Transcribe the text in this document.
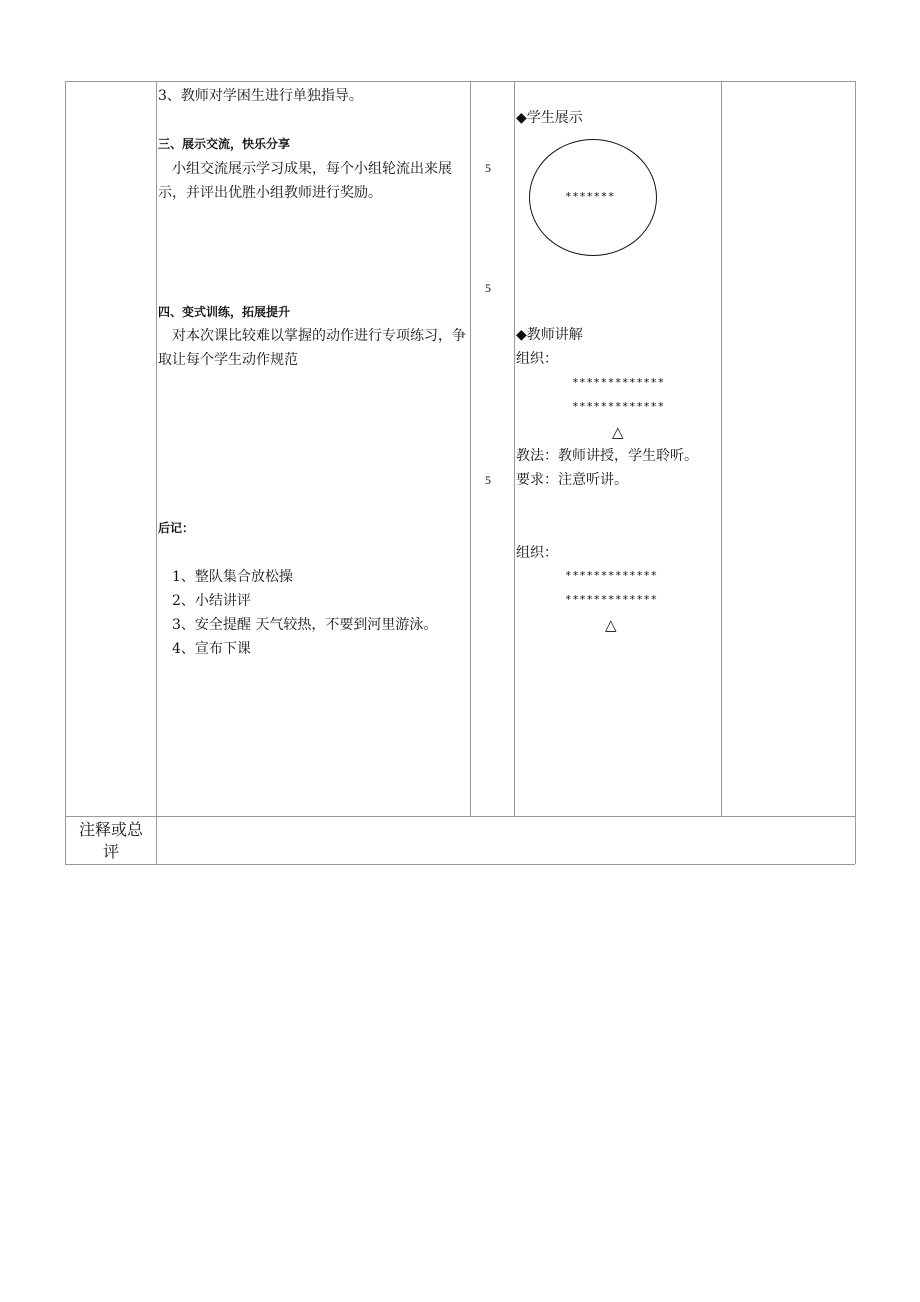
3、教师对学困生进行单独指导。
三、展示交流，快乐分享
小组交流展示学习成果，每个小组轮流出来展示，并评出优胜小组教师进行奖励。
四、变式训练，拓展提升
对本次课比较难以掌握的动作进行专项练习，争取让每个学生动作规范
后记：
1、整队集合放松操
2、小结讲评
3、安全提醒 天气较热，不要到河里游泳。
4、宣布下课
5
5
5
◆学生展示
*******
◆教师讲解
组织：
*************
*************
△
教法：教师讲授，学生聆听。
要求：注意听讲。
组织：
*************
*************
△
注释或总
评
